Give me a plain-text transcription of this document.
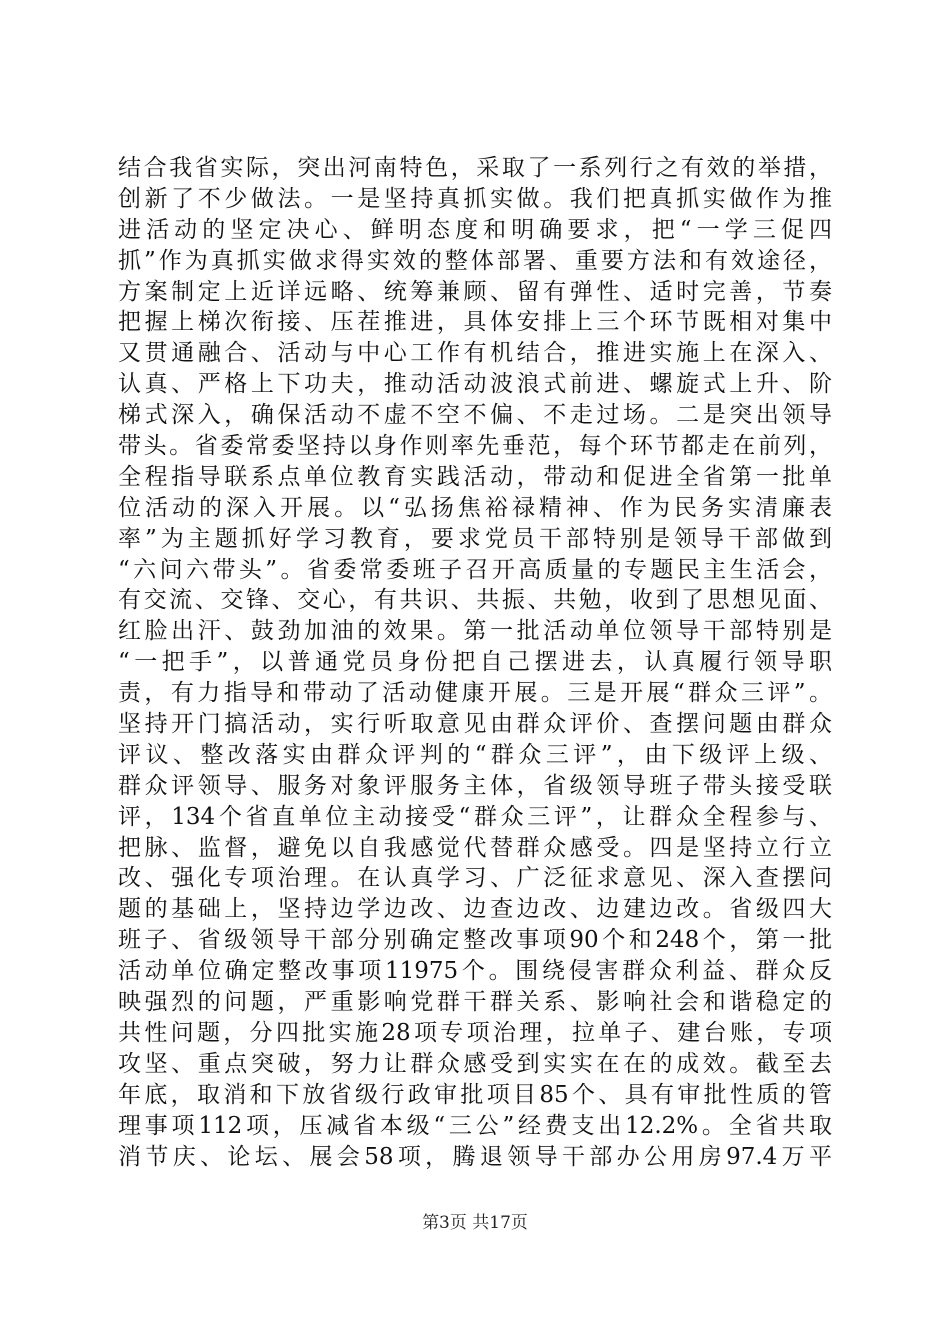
结合我省实际，突出河南特色，采取了一系列行之有效的举措，
创新了不少做法。一是坚持真抓实做。我们把真抓实做作为推
进活动的坚定决心、鲜明态度和明确要求，把“一学三促四
抓”作为真抓实做求得实效的整体部署、重要方法和有效途径，
方案制定上近详远略、统筹兼顾、留有弹性、适时完善，节奏
把握上梯次衔接、压茬推进，具体安排上三个环节既相对集中
又贯通融合、活动与中心工作有机结合，推进实施上在深入、
认真、严格上下功夫，推动活动波浪式前进、螺旋式上升、阶
梯式深入，确保活动不虚不空不偏、不走过场。二是突出领导
带头。省委常委坚持以身作则率先垂范，每个环节都走在前列，
全程指导联系点单位教育实践活动，带动和促进全省第一批单
位活动的深入开展。以“弘扬焦裕禄精神、作为民务实清廉表
率”为主题抓好学习教育，要求党员干部特别是领导干部做到
“六问六带头”。省委常委班子召开高质量的专题民主生活会，
有交流、交锋、交心，有共识、共振、共勉，收到了思想见面、
红脸出汗、鼓劲加油的效果。第一批活动单位领导干部特别是
“一把手”，以普通党员身份把自己摆进去，认真履行领导职
责，有力指导和带动了活动健康开展。三是开展“群众三评”。
坚持开门搞活动，实行听取意见由群众评价、查摆问题由群众
评议、整改落实由群众评判的“群众三评”，由下级评上级、
群众评领导、服务对象评服务主体，省级领导班子带头接受联
评，134个省直单位主动接受“群众三评”，让群众全程参与、
把脉、监督，避免以自我感觉代替群众感受。四是坚持立行立
改、强化专项治理。在认真学习、广泛征求意见、深入查摆问
题的基础上，坚持边学边改、边查边改、边建边改。省级四大
班子、省级领导干部分别确定整改事项90个和248个，第一批
活动单位确定整改事项11975个。围绕侵害群众利益、群众反
映强烈的问题，严重影响党群干群关系、影响社会和谐稳定的
共性问题，分四批实施28项专项治理，拉单子、建台账，专项
攻坚、重点突破，努力让群众感受到实实在在的成效。截至去
年底，取消和下放省级行政审批项目85个、具有审批性质的管
理事项112项，压减省本级“三公”经费支出12.2%。全省共取
消节庆、论坛、展会58项，腾退领导干部办公用房97.4万平
第3页 共17页
